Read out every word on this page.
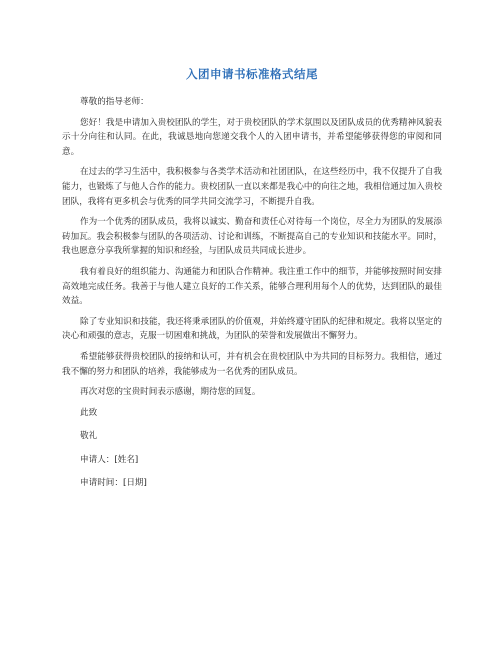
入团申请书标准格式结尾
尊敬的指导老师：

您好！我是申请加入贵校团队的学生，对于贵校团队的学术氛围以及团队成员的优秀精神风貌表示十分向往和认同。在此，我诚恳地向您递交我个人的入团申请书，并希望能够获得您的审阅和同意。

在过去的学习生活中，我积极参与各类学术活动和社团团队，在这些经历中，我不仅提升了自我能力，也锻炼了与他人合作的能力。贵校团队一直以来都是我心中的向往之地，我相信通过加入贵校团队，我将有更多机会与优秀的同学共同交流学习，不断提升自我。

作为一个优秀的团队成员，我将以诚实、勤奋和责任心对待每一个岗位，尽全力为团队的发展添砖加瓦。我会积极参与团队的各项活动、讨论和训练，不断提高自己的专业知识和技能水平。同时，我也愿意分享我所掌握的知识和经验，与团队成员共同成长进步。

我有着良好的组织能力、沟通能力和团队合作精神。我注重工作中的细节，并能够按照时间安排高效地完成任务。我善于与他人建立良好的工作关系，能够合理利用每个人的优势，达到团队的最佳效益。

除了专业知识和技能，我还将秉承团队的价值观，并始终遵守团队的纪律和规定。我将以坚定的决心和顽强的意志，克服一切困难和挑战，为团队的荣誉和发展做出不懈努力。

希望能够获得贵校团队的接纳和认可，并有机会在贵校团队中为共同的目标努力。我相信，通过我不懈的努力和团队的培养，我能够成为一名优秀的团队成员。

再次对您的宝贵时间表示感谢，期待您的回复。

此致
敬礼
申请人：[姓名]
申请时间：[日期]
